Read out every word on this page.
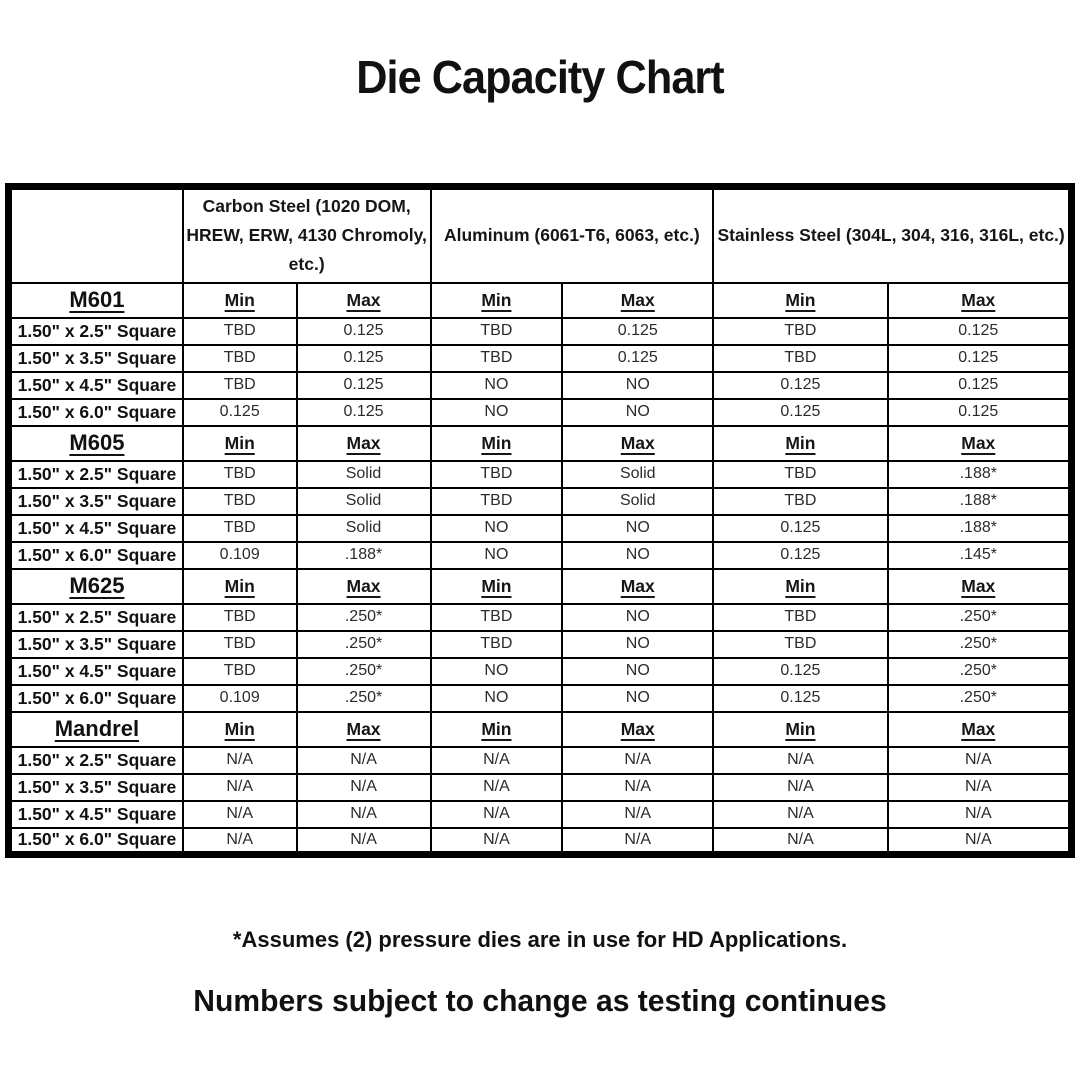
Die Capacity Chart
	Carbon Steel (1020 DOM, HREW, ERW, 4130 Chromoly, etc.)		Aluminum (6061-T6, 6063, etc.)		Stainless Steel (304L, 304, 316, 316L, etc.)	
M601	Min	Max	Min	Max	Min	Max
1.50" x 2.5" Square	TBD	0.125	TBD	0.125	TBD	0.125
1.50" x 3.5" Square	TBD	0.125	TBD	0.125	TBD	0.125
1.50" x 4.5" Square	TBD	0.125	NO	NO	0.125	0.125
1.50" x 6.0" Square	0.125	0.125	NO	NO	0.125	0.125
M605	Min	Max	Min	Max	Min	Max
1.50" x 2.5" Square	TBD	Solid	TBD	Solid	TBD	.188*
1.50" x 3.5" Square	TBD	Solid	TBD	Solid	TBD	.188*
1.50" x 4.5" Square	TBD	Solid	NO	NO	0.125	.188*
1.50" x 6.0" Square	0.109	.188*	NO	NO	0.125	.145*
M625	Min	Max	Min	Max	Min	Max
1.50" x 2.5" Square	TBD	.250*	TBD	NO	TBD	.250*
1.50" x 3.5" Square	TBD	.250*	TBD	NO	TBD	.250*
1.50" x 4.5" Square	TBD	.250*	NO	NO	0.125	.250*
1.50" x 6.0" Square	0.109	.250*	NO	NO	0.125	.250*
Mandrel	Min	Max	Min	Max	Min	Max
1.50" x 2.5" Square	N/A	N/A	N/A	N/A	N/A	N/A
1.50" x 3.5" Square	N/A	N/A	N/A	N/A	N/A	N/A
1.50" x 4.5" Square	N/A	N/A	N/A	N/A	N/A	N/A
1.50" x 6.0" Square	N/A	N/A	N/A	N/A	N/A	N/A
*Assumes (2) pressure dies are in use for HD Applications.
Numbers subject to change as testing continues
